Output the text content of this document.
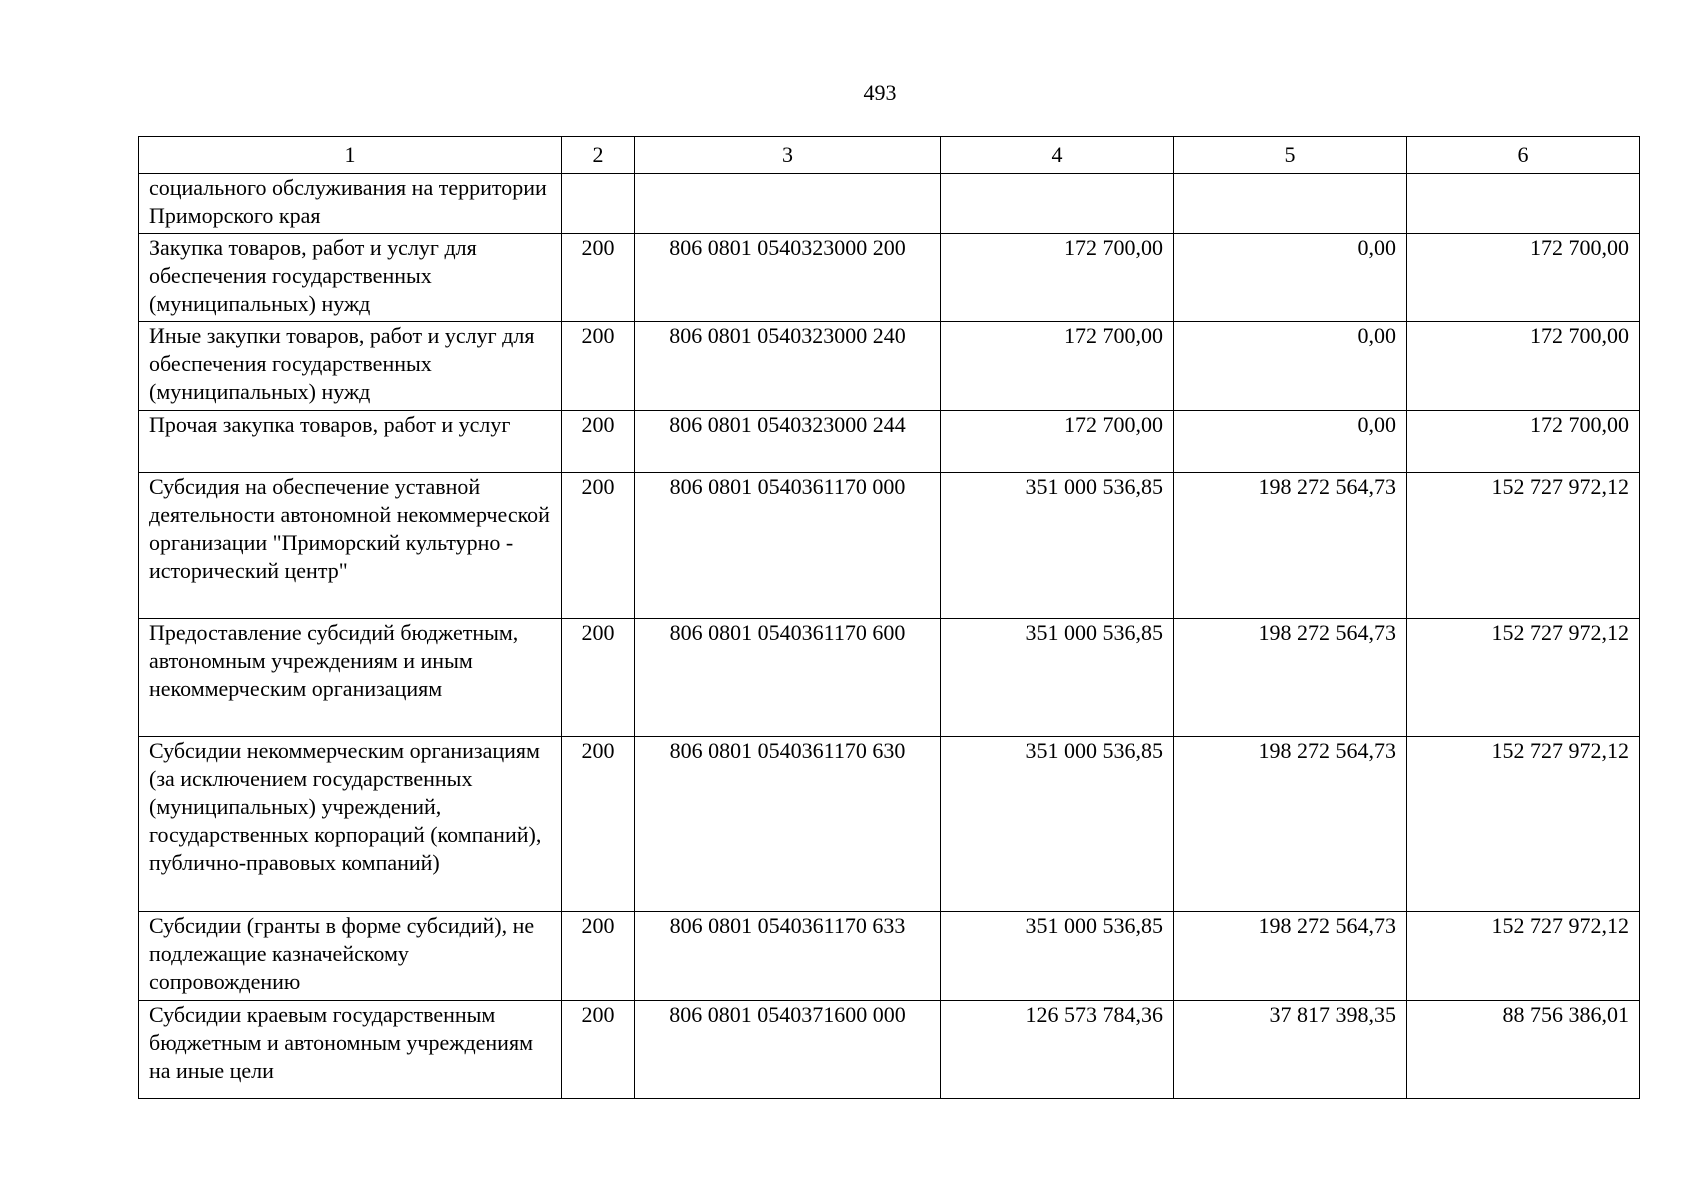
493
1	2	3	4	5	6
социального обслуживания на территории Приморского края					
Закупка товаров, работ и услуг для обеспечения государственных (муниципальных) нужд	200	806 0801 0540323000 200	172 700,00	0,00	172 700,00
Иные закупки товаров, работ и услуг для обеспечения государственных (муниципальных) нужд	200	806 0801 0540323000 240	172 700,00	0,00	172 700,00
Прочая закупка товаров, работ и услуг	200	806 0801 0540323000 244	172 700,00	0,00	172 700,00
Субсидия на обеспечение уставной деятельности автономной некоммерческой организации "Приморский культурно - исторический центр"	200	806 0801 0540361170 000	351 000 536,85	198 272 564,73	152 727 972,12
Предоставление субсидий бюджетным, автономным учреждениям и иным некоммерческим организациям	200	806 0801 0540361170 600	351 000 536,85	198 272 564,73	152 727 972,12
Субсидии некоммерческим организациям (за исключением государственных (муниципальных) учреждений, государственных корпораций (компаний), публично-правовых компаний)	200	806 0801 0540361170 630	351 000 536,85	198 272 564,73	152 727 972,12
Субсидии (гранты в форме субсидий), не подлежащие казначейскому сопровождению	200	806 0801 0540361170 633	351 000 536,85	198 272 564,73	152 727 972,12
Субсидии краевым государственным бюджетным и автономным учреждениям на иные цели	200	806 0801 0540371600 000	126 573 784,36	37 817 398,35	88 756 386,01
